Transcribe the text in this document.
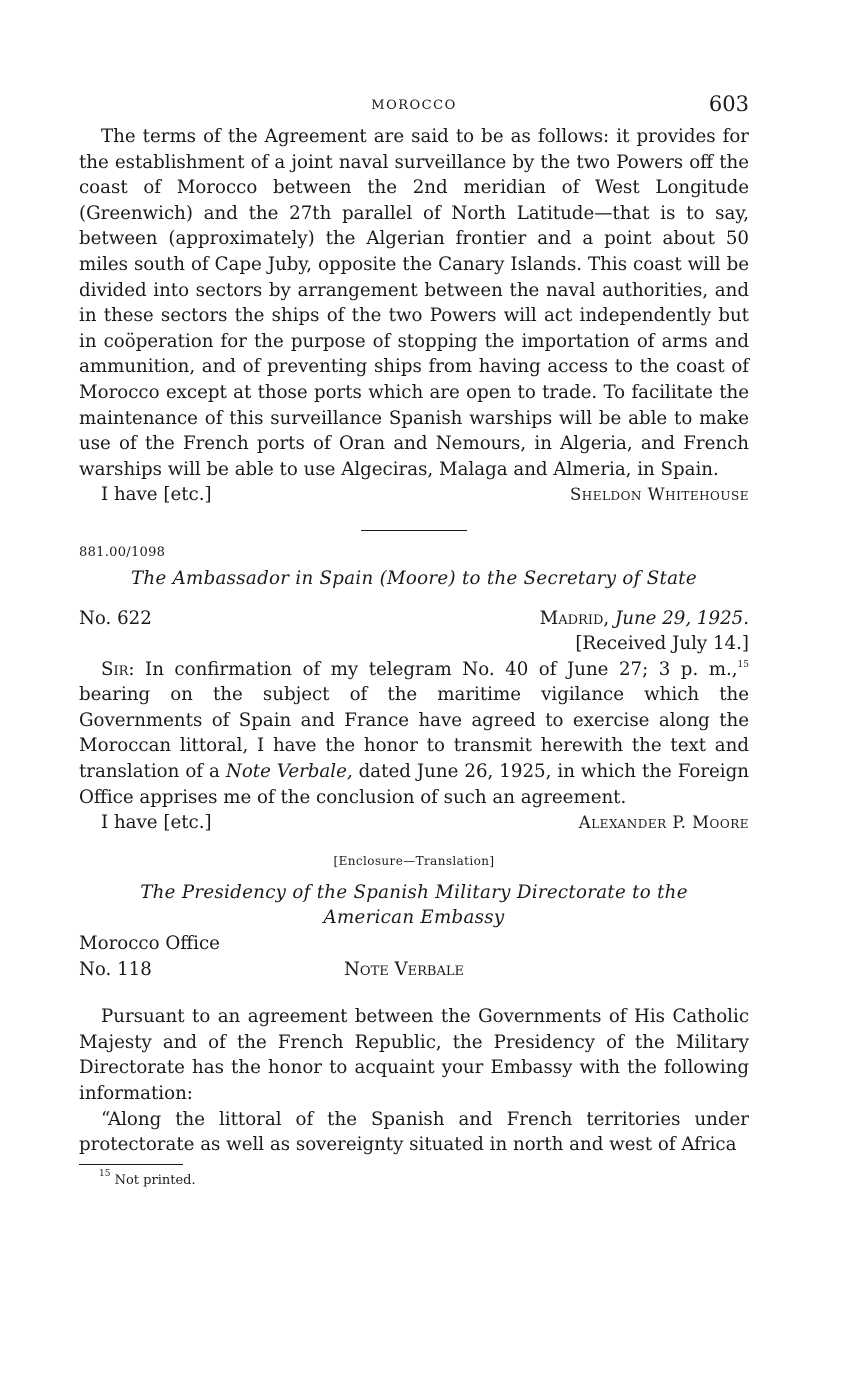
MOROCCO	603

The terms of the Agreement are said to be as follows: it provides for the establishment of a joint naval surveillance by the two Powers off the coast of Morocco between the 2nd meridian of West Longitude (Greenwich) and the 27th parallel of North Latitude—that is to say, between (approximately) the Algerian frontier and a point about 50 miles south of Cape Juby, opposite the Canary Islands. This coast will be divided into sectors by arrangement between the naval authorities, and in these sectors the ships of the two Powers will act independently but in coöperation for the purpose of stopping the importation of arms and ammunition, and of preventing ships from having access to the coast of Morocco except at those ports which are open to trade. To facilitate the maintenance of this surveillance Spanish warships will be able to make use of the French ports of Oran and Nemours, in Algeria, and French warships will be able to use Algeciras, Malaga and Almeria, in Spain.

I have [etc.]	Sheldon Whitehouse
881.00/1098
The Ambassador in Spain (Moore) to the Secretary of State
No. 622	Madrid, June 29, 1925.
[Received July 14.]

Sir: In confirmation of my telegram No. 40 of June 27; 3 p. m.,$^{15}$ bearing on the subject of the maritime vigilance which the Governments of Spain and France have agreed to exercise along the Moroccan littoral, I have the honor to transmit herewith the text and translation of a Note Verbale, dated June 26, 1925, in which the Foreign Office apprises me of the conclusion of such an agreement.

I have [etc.]	Alexander P. Moore
[Enclosure—Translation]
The Presidency of the Spanish Military Directorate to the American Embassy
Morocco Office
No. 118	Note Verbale

Pursuant to an agreement between the Governments of His Catholic Majesty and of the French Republic, the Presidency of the Military Directorate has the honor to acquaint your Embassy with the following information:

“Along the littoral of the Spanish and French territories under protectorate as well as sovereignty situated in north and west of Africa

$^{15}$ Not printed.
